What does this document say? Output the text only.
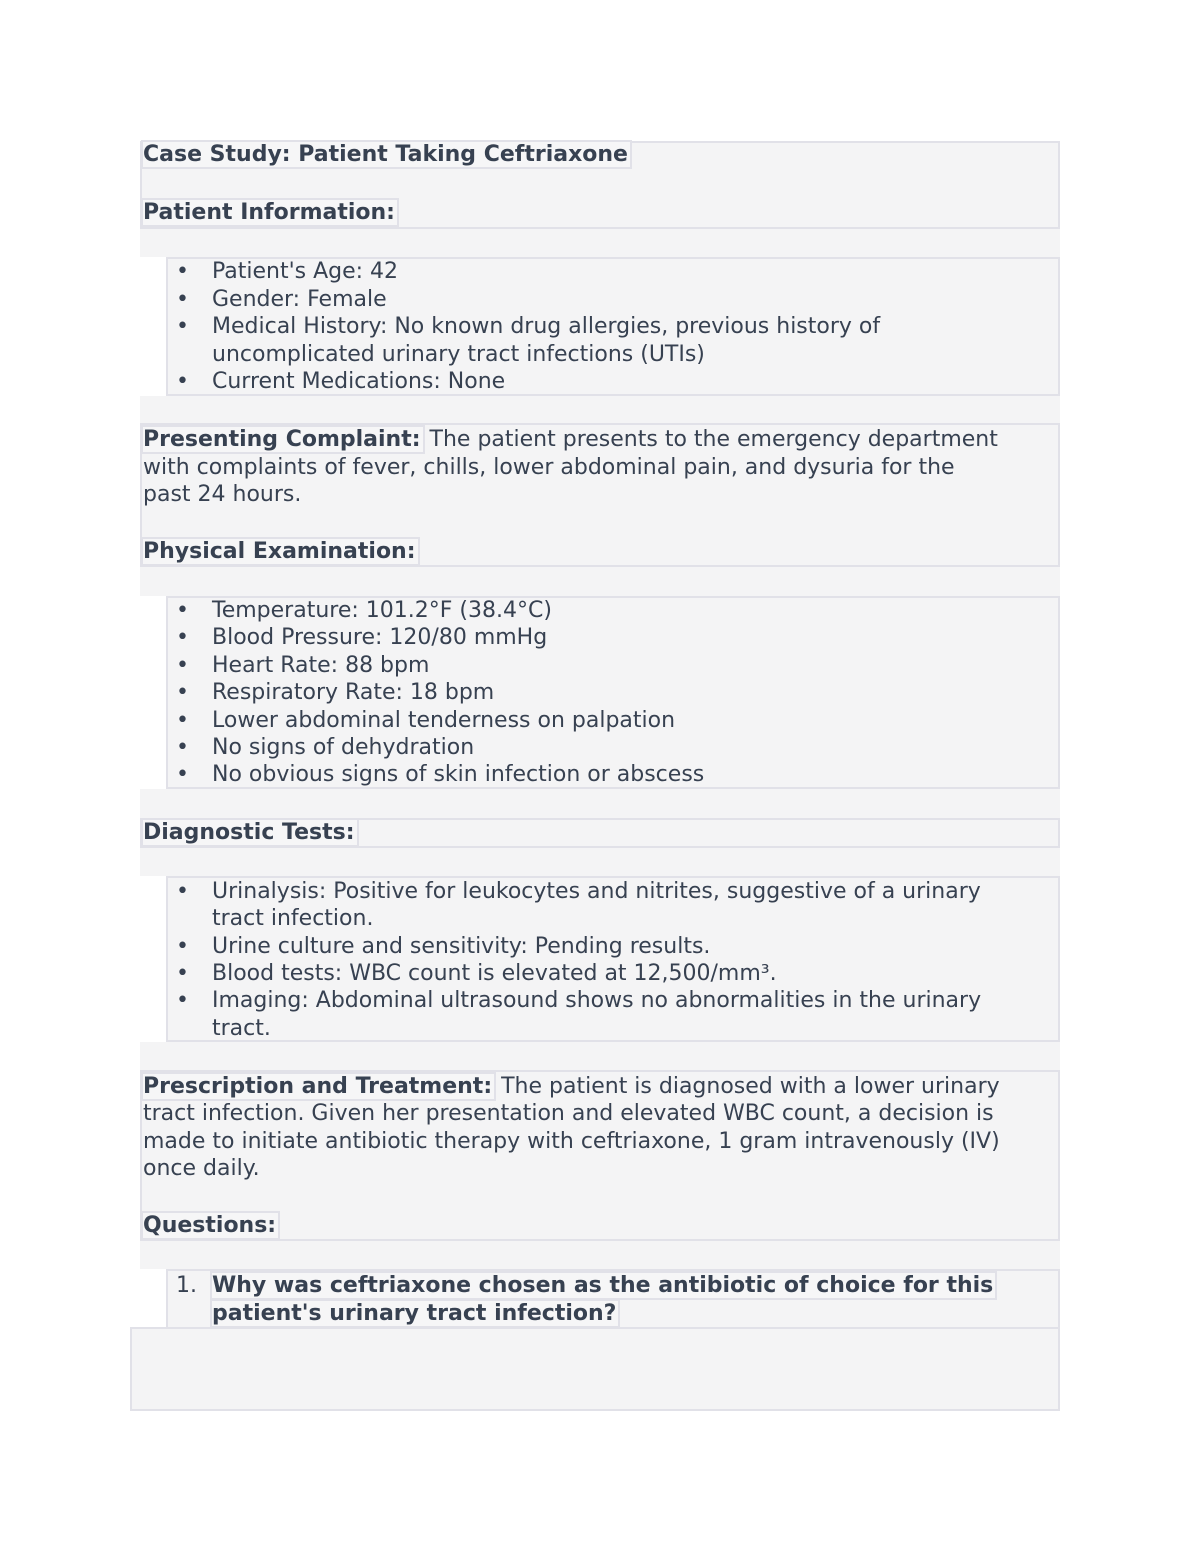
Case Study: Patient Taking Ceftriaxone
Patient Information:
• Patient's Age: 42
• Gender: Female
• Medical History: No known drug allergies, previous history of
uncomplicated urinary tract infections (UTIs)
• Current Medications: None
Presenting Complaint: The patient presents to the emergency department
with complaints of fever, chills, lower abdominal pain, and dysuria for the
past 24 hours.
Physical Examination:
• Temperature: 101.2°F (38.4°C)
• Blood Pressure: 120/80 mmHg
• Heart Rate: 88 bpm
• Respiratory Rate: 18 bpm
• Lower abdominal tenderness on palpation
• No signs of dehydration
• No obvious signs of skin infection or abscess
Diagnostic Tests:
• Urinalysis: Positive for leukocytes and nitrites, suggestive of a urinary
tract infection.
• Urine culture and sensitivity: Pending results.
• Blood tests: WBC count is elevated at 12,500/mm³.
• Imaging: Abdominal ultrasound shows no abnormalities in the urinary
tract.
Prescription and Treatment: The patient is diagnosed with a lower urinary
tract infection. Given her presentation and elevated WBC count, a decision is
made to initiate antibiotic therapy with ceftriaxone, 1 gram intravenously (IV)
once daily.
Questions:
1. Why was ceftriaxone chosen as the antibiotic of choice for this
patient's urinary tract infection?
